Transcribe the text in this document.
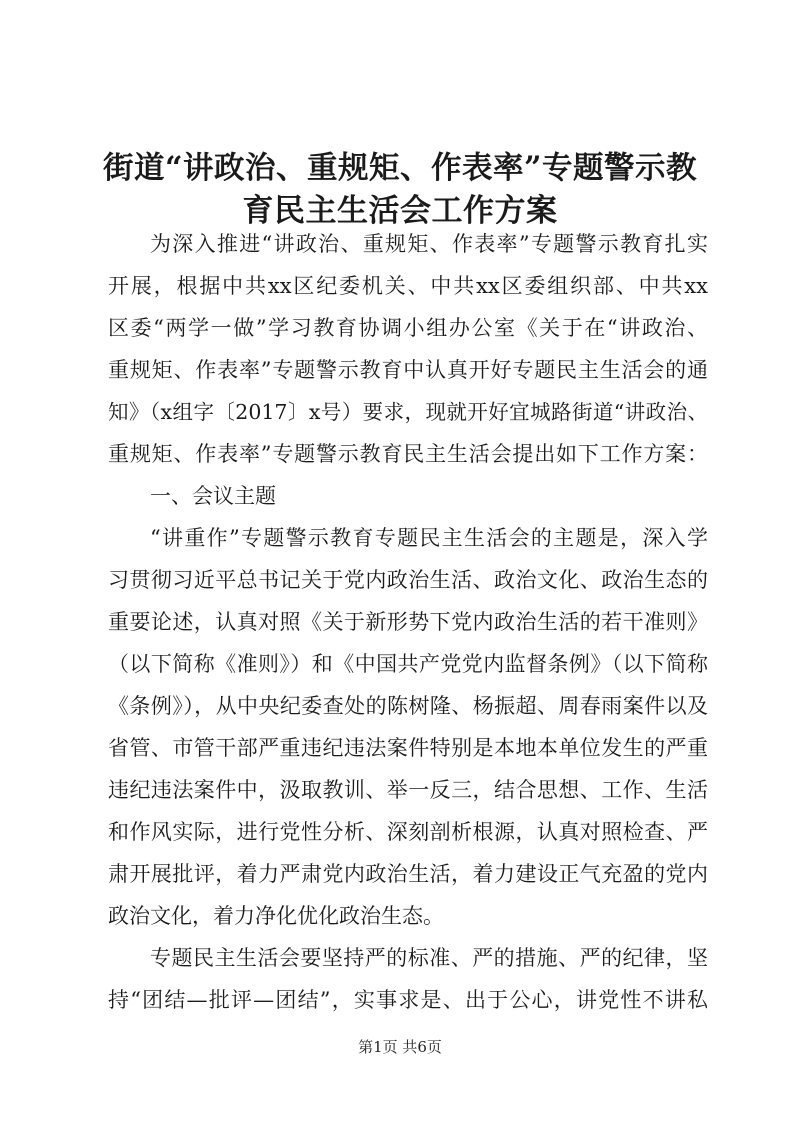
街道“讲政治、重规矩、作表率”专题警示教
育民主生活会工作方案

为深入推进“讲政治、重规矩、作表率”专题警示教育扎实

开展，根据中共xx区纪委机关、中共xx区委组织部、中共xx

区委“两学一做”学习教育协调小组办公室《关于在“讲政治、

重规矩、作表率”专题警示教育中认真开好专题民主生活会的通

知》（x组字〔2017〕x号）要求，现就开好宜城路街道“讲政治、

重规矩、作表率”专题警示教育民主生活会提出如下工作方案：

一、会议主题

“讲重作”专题警示教育专题民主生活会的主题是，深入学

习贯彻习近平总书记关于党内政治生活、政治文化、政治生态的

重要论述，认真对照《关于新形势下党内政治生活的若干准则》

（以下简称《准则》）和《中国共产党党内监督条例》（以下简称

《条例》），从中央纪委查处的陈树隆、杨振超、周春雨案件以及

省管、市管干部严重违纪违法案件特别是本地本单位发生的严重

违纪违法案件中，汲取教训、举一反三，结合思想、工作、生活

和作风实际，进行党性分析、深刻剖析根源，认真对照检查、严

肃开展批评，着力严肃党内政治生活，着力建设正气充盈的党内

政治文化，着力净化优化政治生态。

专题民主生活会要坚持严的标准、严的措施、严的纪律，坚

持“团结—批评—团结”，实事求是、出于公心，讲党性不讲私

第1页 共6页
